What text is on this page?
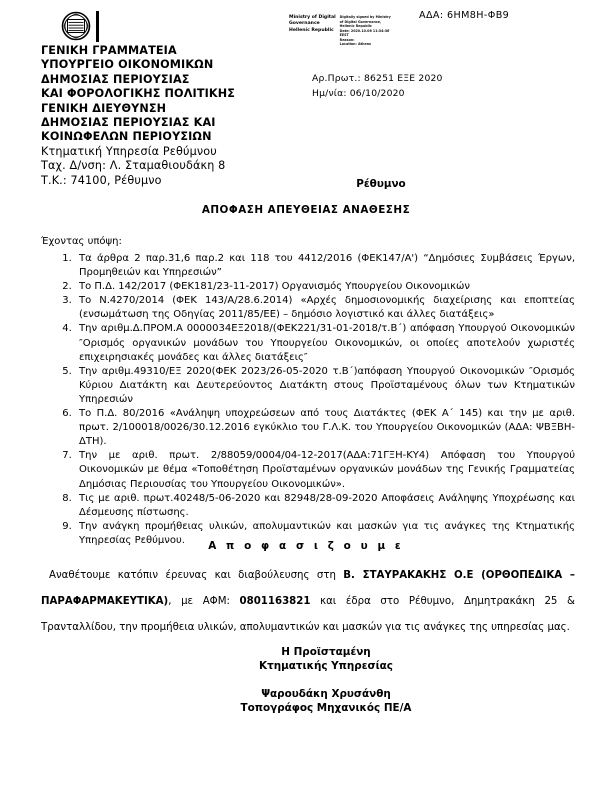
ΓΕΝΙΚΗ ΓΡΑΜΜΑΤΕΙΑ
ΥΠΟΥΡΓΕΙΟ ΟΙΚΟΝΟΜΙΚΩΝ
ΔΗΜΟΣΙΑΣ ΠΕΡΙΟΥΣΙΑΣ
ΚΑΙ ΦΟΡΟΛΟΓΙΚΗΣ ΠΟΛΙΤΙΚΗΣ
ΓΕΝΙΚΗ ΔΙΕΥΘΥΝΣΗ
ΔΗΜΟΣΙΑΣ ΠΕΡΙΟΥΣΙΑΣ ΚΑΙ
ΚΟΙΝΩΦΕΛΩΝ ΠΕΡΙΟΥΣΙΩΝ
Κτηματική Υπηρεσία Ρεθύμνου
Ταχ. Δ/νση: Λ. Σταμαθιουδάκη 8
Τ.Κ.: 74100, Ρέθυμνο
Ministry of Digital
Governance
Hellenic Republic
Digitally signed by Ministry
of Digital Governance,
Hellenic Republic
Date: 2020.10.06 11:34:36
EEST
Reason:
Location: Athens
ΑΔΑ: 6ΗΜ8Η-ΦΒ9
Αρ.Πρωτ.: 86251 ΕΞΕ 2020
Ημ/νία: 06/10/2020
Ρέθυμνο
ΑΠΟΦΑΣΗ ΑΠΕΥΘΕΙΑΣ ΑΝΑΘΕΣΗΣ
Έχοντας υπόψη:
1. Τα άρθρα 2 παρ.31,6 παρ.2 και 118 του 4412/2016 (ΦΕΚ147/Α') “Δημόσιες Συμβάσεις Έργων, Προμηθειών και Υπηρεσιών”
2. Το Π.Δ. 142/2017 (ΦΕΚ181/23-11-2017) Οργανισμός Υπουργείου Οικονομικών
3. Το Ν.4270/2014 (ΦΕΚ 143/Α/28.6.2014) «Αρχές δημοσιονομικής διαχείρισης και εποπτείας (ενσωμάτωση της Οδηγίας 2011/85/ΕΕ) – δημόσιο λογιστικό και άλλες διατάξεις»
4. Την αριθμ.Δ.ΠΡΟΜ.Α 0000034ΕΞ2018/(ΦΕΚ221/31-01-2018/τ.Β΄) απόφαση Υπουργού Οικονομικών ″Ορισμός οργανικών μονάδων του Υπουργείου Οικονομικών, οι οποίες αποτελούν χωριστές επιχειρησιακές μονάδες και άλλες διατάξεις″
5. Την αριθμ.49310/ΕΞ 2020(ΦΕΚ 2023/26-05-2020 τ.Β΄)απόφαση Υπουργού Οικονομικών ″Ορισμός Κύριου Διατάκτη και Δευτερεύοντος Διατάκτη στους Προϊσταμένους όλων των Κτηματικών Υπηρεσιών
6. Το Π.Δ. 80/2016 «Ανάληψη υποχρεώσεων από τους Διατάκτες (ΦΕΚ Α΄ 145) και την με αριθ. πρωτ. 2/100018/0026/30.12.2016 εγκύκλιο του Γ.Λ.Κ. του Υπουργείου Οικονομικών (ΑΔΑ: ΨΒΞΒΗ-ΔΤΗ).
7. Την με αριθ. πρωτ. 2/88059/0004/04-12-2017(ΑΔΑ:71ΓΞΗ-ΚΥ4) Απόφαση του Υπουργού Οικονομικών με θέμα «Τοποθέτηση Προϊσταμένων οργανικών μονάδων της Γενικής Γραμματείας Δημόσιας Περιουσίας του Υπουργείου Οικονομικών».
8. Τις με αριθ. πρωτ.40248/5-06-2020 και 82948/28-09-2020 Αποφάσεις Ανάληψης Υποχρέωσης και Δέσμευσης πίστωσης.
9. Την ανάγκη προμήθειας υλικών, απολυμαντικών και μασκών για τις ανάγκες της Κτηματικής Υπηρεσίας Ρεθύμνου.	Α π ο φ α σ ι ζ ο υ μ ε
Αναθέτουμε κατόπιν έρευνας και διαβούλευσης στη Β. ΣΤΑΥΡΑΚΑΚΗΣ Ο.Ε (ΟΡΘΟΠΕΔΙΚΑ – ΠΑΡΑΦΑΡΜΑΚΕΥΤΙΚΑ), με ΑΦΜ: 0801163821 και έδρα στο Ρέθυμνο, Δημητρακάκη 25 & Τρανταλλίδου, την προμήθεια υλικών, απολυμαντικών και μασκών για τις ανάγκες της υπηρεσίας μας.
Η Προϊσταμένη
Κτηματικής Υπηρεσίας
Ψαρουδάκη Χρυσάνθη
Τοπογράφος Μηχανικός ΠΕ/Α
